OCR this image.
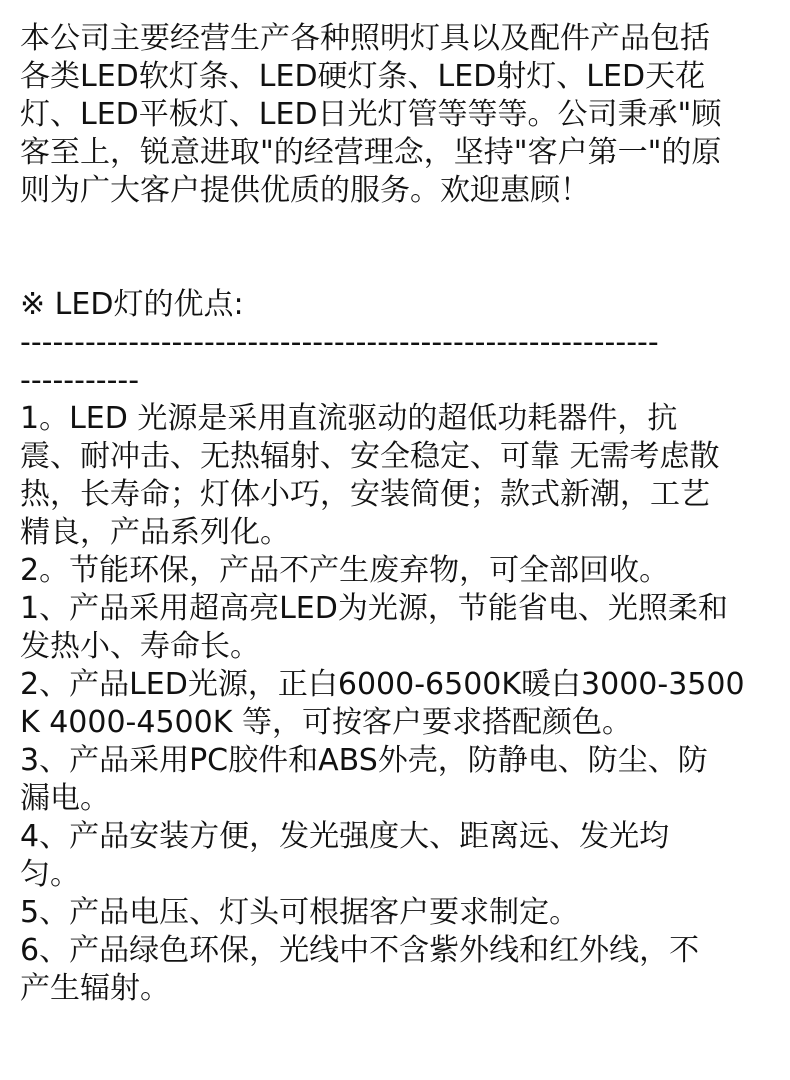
本公司主要经营生产各种照明灯具以及配件产品包括
各类LED软灯条、LED硬灯条、LED射灯、LED天花
灯、LED平板灯、LED日光灯管等等等。公司秉承"顾
客至上，锐意进取"的经营理念，坚持"客户第一"的原
则为广大客户提供优质的服务。欢迎惠顾！
※ LED灯的优点:
-----------------------------------------------------------
-----------
1。LED 光源是采用直流驱动的超低功耗器件，抗
震、耐冲击、无热辐射、安全稳定、可靠 无需考虑散
热，长寿命；灯体小巧，安装简便；款式新潮，工艺
精良，产品系列化。
2。节能环保，产品不产生废弃物，可全部回收。
1、产品采用超高亮LED为光源，节能省电、光照柔和
发热小、寿命长。
2、产品LED光源，正白6000-6500K暖白3000-3500
K 4000-4500K 等，可按客户要求搭配颜色。
3、产品采用PC胶件和ABS外壳，防静电、防尘、防
漏电。
4、产品安装方便，发光强度大、距离远、发光均
匀。
5、产品电压、灯头可根据客户要求制定。
6、产品绿色环保，光线中不含紫外线和红外线，不
产生辐射。
